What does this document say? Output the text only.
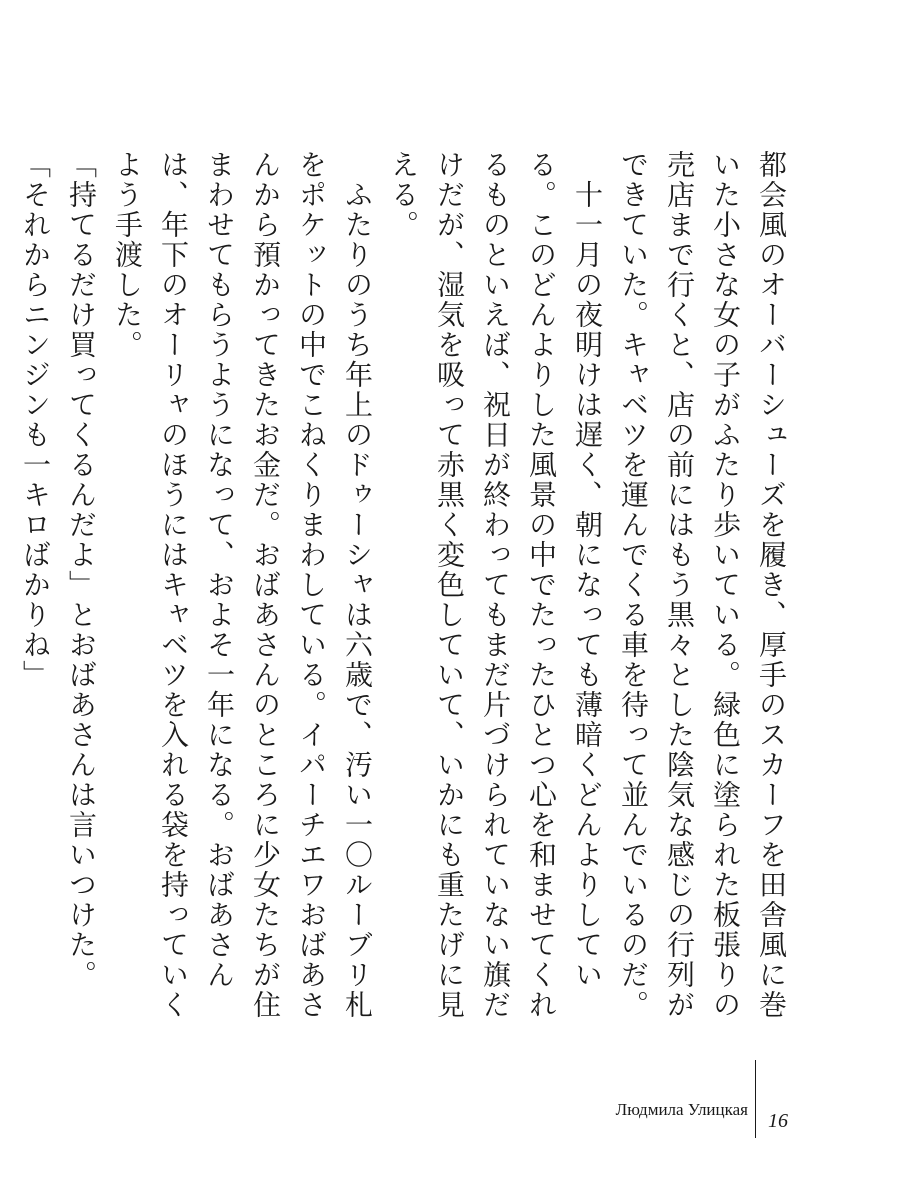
都会風のオーバーシューズを履き、厚手のスカーフを田舎風に巻いた小さな女の子がふたり歩いている。緑色に塗られた板張りの売店まで行くと、店の前にはもう黒々とした陰気な感じの行列ができていた。キャベツを運んでくる車を待って並んでいるのだ。

　十一月の夜明けは遅く、朝になっても薄暗くどんよりしている。このどんよりした風景の中でたったひとつ心を和ませてくれるものといえば、祝日が終わってもまだ片づけられていない旗だけだが、湿気を吸って赤黒く変色していて、いかにも重たげに見える。

　ふたりのうち年上のドゥーシャは六歳で、汚い一〇ルーブリ札をポケットの中でこねくりまわしている。イパーチエワおばあさんから預かってきたお金だ。おばあさんのところに少女たちが住まわせてもらうようになって、およそ一年になる。おばあさんは、年下のオーリャのほうにはキャベツを入れる袋を持っていくよう手渡した。

「持てるだけ買ってくるんだよ」とおばあさんは言いつけた。「それからニンジンも一キロばかりね」

Людмила Улицкая
16
